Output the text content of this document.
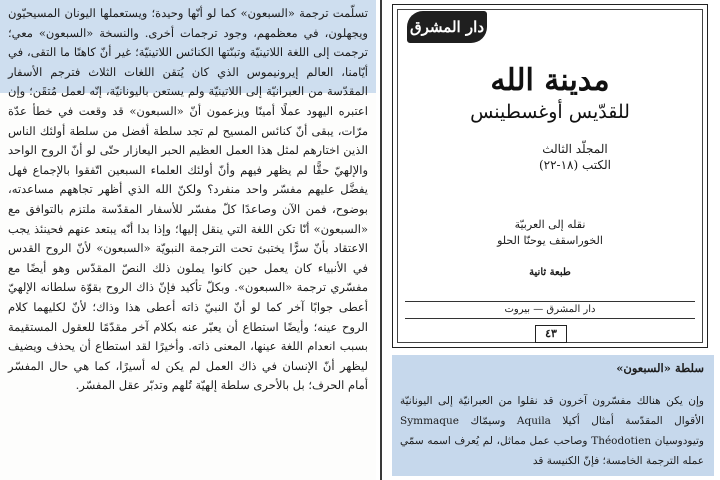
تسلّمت ترجمة «السبعون» كما لو أنّها وحيدة؛ ويستعملها اليونان المسيحيّون ويجهلون، في معظمهم، وجود ترجمات أخرى. والنسخة «السبعون» معي؛ ترجمت إلى اللغة اللاتينيّة وتبنّتها الكنائس اللاتينيّة؛ غير أنّ كاهنًا ما التقى، في أيّامنا، العالم إيرونيموس الذي كان يُتقن اللغات الثلاث فترجم الأسفار المقدّسة من العبرانيّة إلى اللاتينيّة ولم يستعن باليونانيّة، إنّه لعمل مُتقَن؛ وإن اعتبره اليهود عملًا أمينًا ويزعمون أنّ «السبعون» قد وقعت في خطأ عدّة مرّات، يبقى أنّ كنائس المسيح لم تجد سلطة أفضل من سلطة أولئك الناس الذين اختارهم لمثل هذا العمل العظيم الحبر اليعازار حتّى لو أنّ الروح الواحد والإلهيّ حقًّا لم يظهر فيهم وأنّ أولئك العلماء السبعين اتّفقوا بالإجماع فهل يفضَّل عليهم مفسّر واحد منفرد؟ ولكنّ الله الذي أظهر تجاههم مساعدته، بوضوح، فمن الآن وصاعدًا كلّ مفسّر للأسفار المقدّسة ملتزم بالتوافق مع «السبعون» أنّا تكن اللغة التي ينقل إليها؛ وإذا بدا أنّه يبتعد عنهم فحينئذ يجب الاعتقاد بأنّ سرًّا يختبئ تحت الترجمة النبويّة «السبعون» لأنّ الروح القدس في الأنبياء كان يعمل حين كانوا يملون ذلك النصّ المقدّس وهو أيضًا مع مفسّري ترجمة «السبعون». وبكلّ تأكيد فإنّ ذاك الروح بقوّة سلطانه الإلهيّ أعطى جوابًا آخر كما لو أنّ النبيّ ذاته أعطى هذا وذاك؛ لأنّ لكليهما كلام الروح عينه؛ وأيضًا استطاع أن يعبّر عنه بكلام آخر مقدّمًا للعقول المستقيمة بسبب انعدام اللغة عينها، المعنى ذاته. وأخيرًا لقد استطاع أن يحذف ويضيف ليظهر أنّ الإنسان في ذاك العمل لم يكن له أسيرًا، كما هي حال المفسّر أمام الحرف؛ بل بالأحرى سلطة إلهيّة تُلهم وتدبّر عقل المفسّر.

دار المشرق
مدينة الله
للقدّيس أوغسطينس
المجلّد الثالث
الكتب (١٨-٢٢)
نقله إلى العربيّة
الخوراسقف يوحنّا الحلو
طبعة ثانية
دار المشرق — بيروت
٤٣
سلطة «السبعون»
وإن يكن هنالك مفسّرون آخرون قد نقلوا من العبرانيّة إلى اليونانيّة الأقوال المقدّسة أمثال أكيلا Aquila وسيمّاك Symmaque وتيودوسيان Théodotien وصاحب عمل مماثل، لم يُعرف اسمه سمّي عمله الترجمة الخامسة؛ فإنّ الكنيسة قد
